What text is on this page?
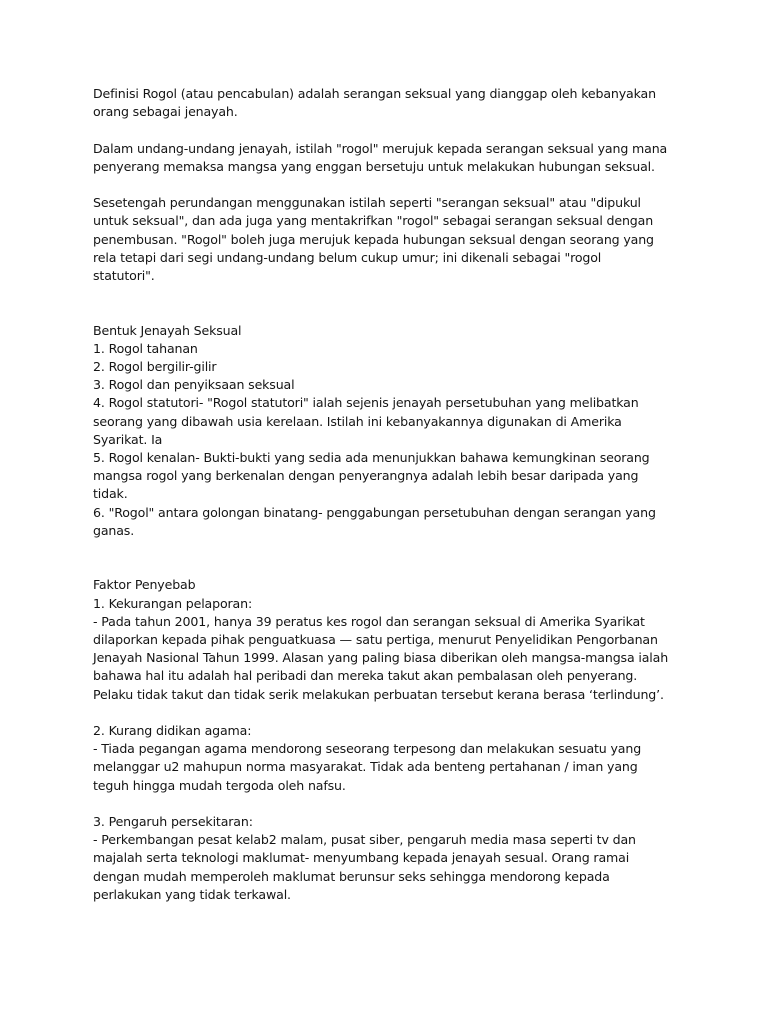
Definisi Rogol (atau pencabulan) adalah serangan seksual yang dianggap oleh kebanyakan
orang sebagai jenayah.
Dalam undang-undang jenayah, istilah "rogol" merujuk kepada serangan seksual yang mana
penyerang memaksa mangsa yang enggan bersetuju untuk melakukan hubungan seksual.
Sesetengah perundangan menggunakan istilah seperti "serangan seksual" atau "dipukul
untuk seksual", dan ada juga yang mentakrifkan "rogol" sebagai serangan seksual dengan
penembusan. "Rogol" boleh juga merujuk kepada hubungan seksual dengan seorang yang
rela tetapi dari segi undang-undang belum cukup umur; ini dikenali sebagai "rogol
statutori".
Bentuk Jenayah Seksual
1. Rogol tahanan
2. Rogol bergilir-gilir
3. Rogol dan penyiksaan seksual
4. Rogol statutori- "Rogol statutori" ialah sejenis jenayah persetubuhan yang melibatkan
seorang yang dibawah usia kerelaan. Istilah ini kebanyakannya digunakan di Amerika
Syarikat. Ia
5. Rogol kenalan- Bukti-bukti yang sedia ada menunjukkan bahawa kemungkinan seorang
mangsa rogol yang berkenalan dengan penyerangnya adalah lebih besar daripada yang
tidak.
6. "Rogol" antara golongan binatang- penggabungan persetubuhan dengan serangan yang
ganas.
Faktor Penyebab
1. Kekurangan pelaporan:
- Pada tahun 2001, hanya 39 peratus kes rogol dan serangan seksual di Amerika Syarikat
dilaporkan kepada pihak penguatkuasa — satu pertiga, menurut Penyelidikan Pengorbanan
Jenayah Nasional Tahun 1999. Alasan yang paling biasa diberikan oleh mangsa-mangsa ialah
bahawa hal itu adalah hal peribadi dan mereka takut akan pembalasan oleh penyerang.
Pelaku tidak takut dan tidak serik melakukan perbuatan tersebut kerana berasa ‘terlindung’.
2. Kurang didikan agama:
- Tiada pegangan agama mendorong seseorang terpesong dan melakukan sesuatu yang
melanggar u2 mahupun norma masyarakat. Tidak ada benteng pertahanan / iman yang
teguh hingga mudah tergoda oleh nafsu.
3. Pengaruh persekitaran:
- Perkembangan pesat kelab2 malam, pusat siber, pengaruh media masa seperti tv dan
majalah serta teknologi maklumat- menyumbang kepada jenayah sesual. Orang ramai
dengan mudah memperoleh maklumat berunsur seks sehingga mendorong kepada
perlakukan yang tidak terkawal.
